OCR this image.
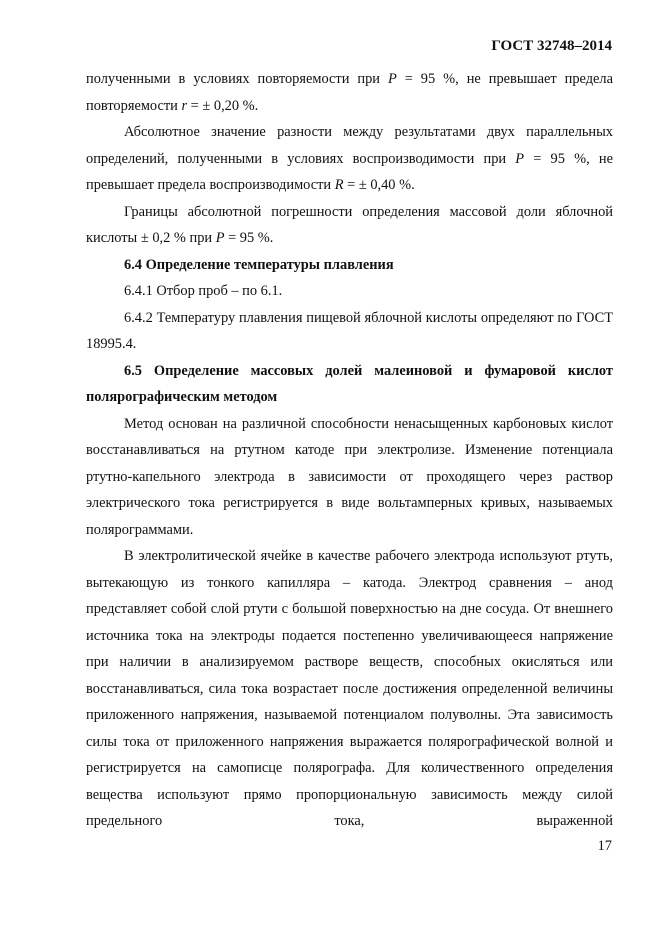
ГОСТ 32748–2014

полученными в условиях повторяемости при P = 95 %, не превышает предела повторяемости r = ± 0,20 %.

Абсолютное значение разности между результатами двух параллельных определений, полученными в условиях воспроизводимости при P = 95 %, не превышает предела воспроизводимости R = ± 0,40 %.

Границы абсолютной погрешности определения массовой доли яблочной кислоты ± 0,2 % при P = 95 %.

6.4 Определение температуры плавления

6.4.1 Отбор проб – по 6.1.

6.4.2 Температуру плавления пищевой яблочной кислоты определяют по ГОСТ 18995.4.

6.5 Определение массовых долей малеиновой и фумаровой кислот полярографическим методом

Метод основан на различной способности ненасыщенных карбоновых кислот восстанавливаться на ртутном катоде при электролизе. Изменение потенциала ртутно-капельного электрода в зависимости от проходящего через раствор электрического тока регистрируется в виде вольтамперных кривых, называемых полярограммами.

В электролитической ячейке в качестве рабочего электрода используют ртуть, вытекающую из тонкого капилляра – катода. Электрод сравнения – анод представляет собой слой ртути с большой поверхностью на дне сосуда. От внешнего источника тока на электроды подается постепенно увеличивающееся напряжение при наличии в анализируемом растворе веществ, способных окисляться или восстанавливаться, сила тока возрастает после достижения определенной величины приложенного напряжения, называемой потенциалом полуволны. Эта зависимость силы тока от приложенного напряжения выражается полярографической волной и регистрируется на самописце полярографа. Для количественного определения вещества используют прямо пропорциональную зависимость между силой предельного тока, выраженной

17
